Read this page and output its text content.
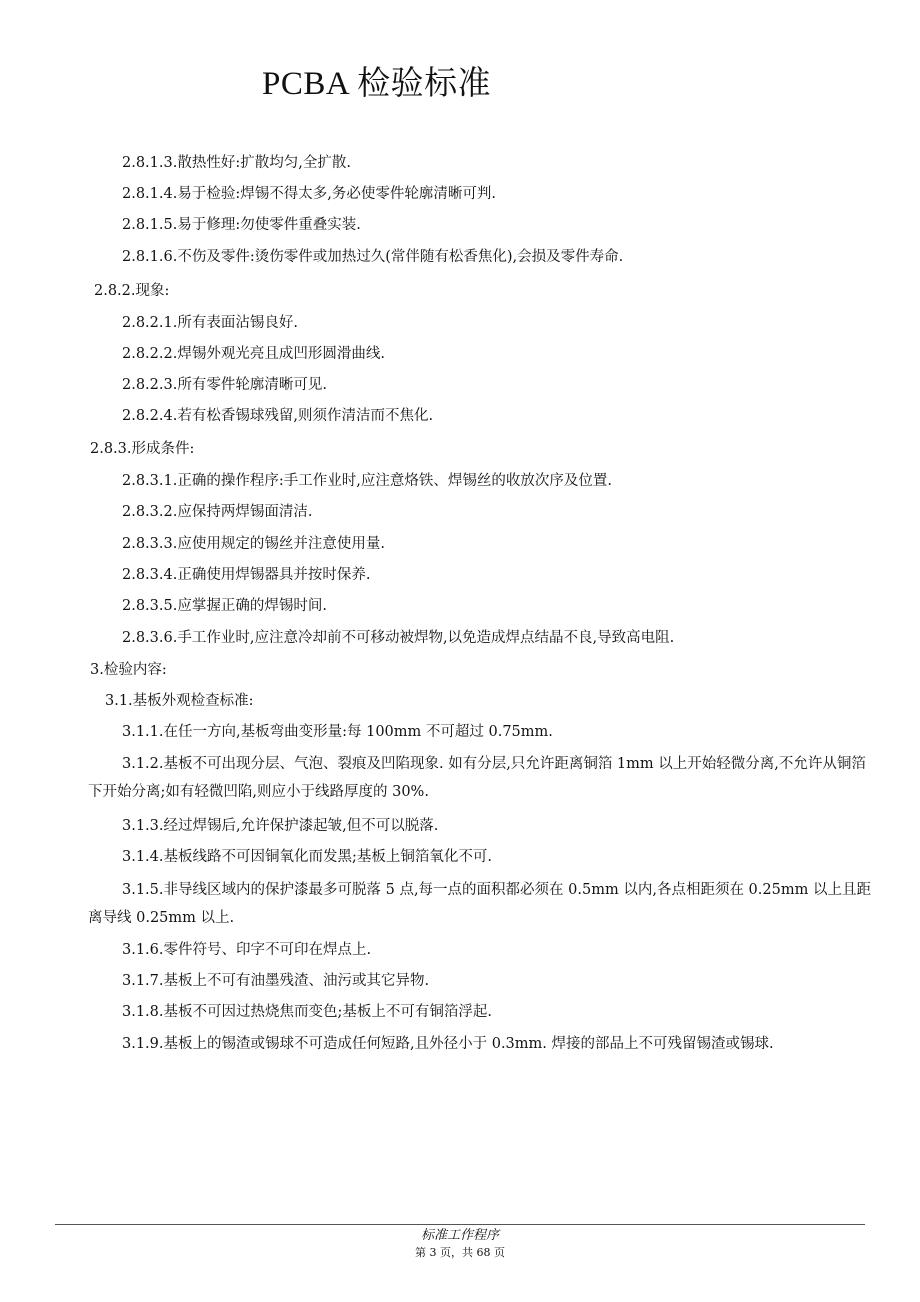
PCBA 检验标准
2.8.1.3.散热性好:扩散均匀,全扩散.
2.8.1.4.易于检验:焊锡不得太多,务必使零件轮廓清晰可判.
2.8.1.5.易于修理:勿使零件重叠实装.
2.8.1.6.不伤及零件:烫伤零件或加热过久(常伴随有松香焦化),会损及零件寿命.
2.8.2.现象:
2.8.2.1.所有表面沾锡良好.
2.8.2.2.焊锡外观光亮且成凹形圆滑曲线.
2.8.2.3.所有零件轮廓清晰可见.
2.8.2.4.若有松香锡球残留,则须作清洁而不焦化.
2.8.3.形成条件:
2.8.3.1.正确的操作程序:手工作业时,应注意烙铁、焊锡丝的收放次序及位置.
2.8.3.2.应保持两焊锡面清洁.
2.8.3.3.应使用规定的锡丝并注意使用量.
2.8.3.4.正确使用焊锡器具并按时保养.
2.8.3.5.应掌握正确的焊锡时间.
2.8.3.6.手工作业时,应注意冷却前不可移动被焊物,以免造成焊点结晶不良,导致高电阻.
3.检验内容:
3.1.基板外观检查标准:
3.1.1.在任一方向,基板弯曲变形量:每 100mm 不可超过 0.75mm.
3.1.2.基板不可出现分层、气泡、裂痕及凹陷现象. 如有分层,只允许距离铜箔 1mm 以上开始轻微分离,不允许从铜箔下开始分离;如有轻微凹陷,则应小于线路厚度的 30%.
3.1.3.经过焊锡后,允许保护漆起皱,但不可以脱落.
3.1.4.基板线路不可因铜氧化而发黑;基板上铜箔氧化不可.
3.1.5.非导线区域内的保护漆最多可脱落 5 点,每一点的面积都必须在 0.5mm 以内,各点相距须在 0.25mm 以上且距离导线 0.25mm 以上.
3.1.6.零件符号、印字不可印在焊点上.
3.1.7.基板上不可有油墨残渣、油污或其它异物.
3.1.8.基板不可因过热烧焦而变色;基板上不可有铜箔浮起.
3.1.9.基板上的锡渣或锡球不可造成任何短路,且外径小于 0.3mm. 焊接的部品上不可残留锡渣或锡球.
标准工作程序
第 3 页，共 68 页
